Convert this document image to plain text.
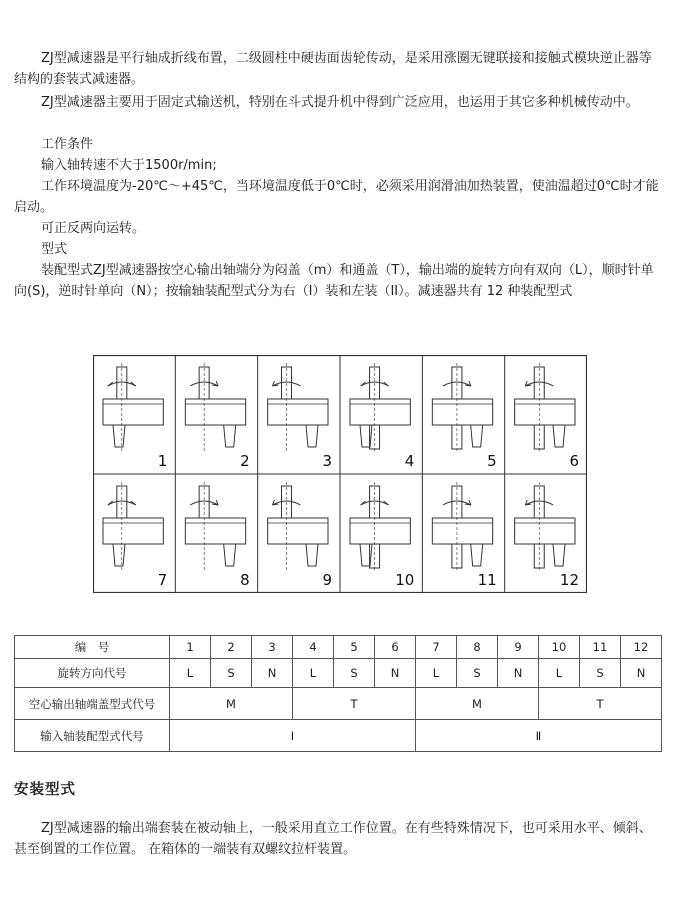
ZJ型减速器是平行轴成折线布置，二级圆柱中硬齿面齿轮传动，是采用涨圈无键联接和接触式模块逆止器等结构的套装式减速器。
ZJ型减速器主要用于固定式输送机，特别在斗式提升机中得到广泛应用，也运用于其它多种机械传动中。
工作条件
输入轴转速不大于1500r/min;
工作环境温度为-20℃～+45℃，当环境温度低于0℃时，必须采用润滑油加热装置，使油温超过0℃时才能启动。
可正反两向运转。
型式
装配型式ZJ型减速器按空心输出轴端分为闷盖（m）和通盖（T），输出端的旋转方向有双向（L），顺时针单向(S)，逆时针单向（N）；按输轴装配型式分为右（I）装和左装（II）。减速器共有 12 种装配型式
1	2	3	4	5	6
7	8	9	10	11	12
编　号	1	2	3	4	5	6	7	8	9	10	11	12
旋转方向代号	L	S	N	L	S	N	L	S	N	L	S	N
空心输出轴端盖型式代号	M			T			M			T		
输入轴装配型式代号	I						Ⅱ					
安装型式
ZJ型减速器的输出端套装在被动轴上，一般采用直立工作位置。在有些特殊情况下，也可采用水平、倾斜、甚至倒置的工作位置。 在箱体的一端装有双螺纹拉杆装置。
